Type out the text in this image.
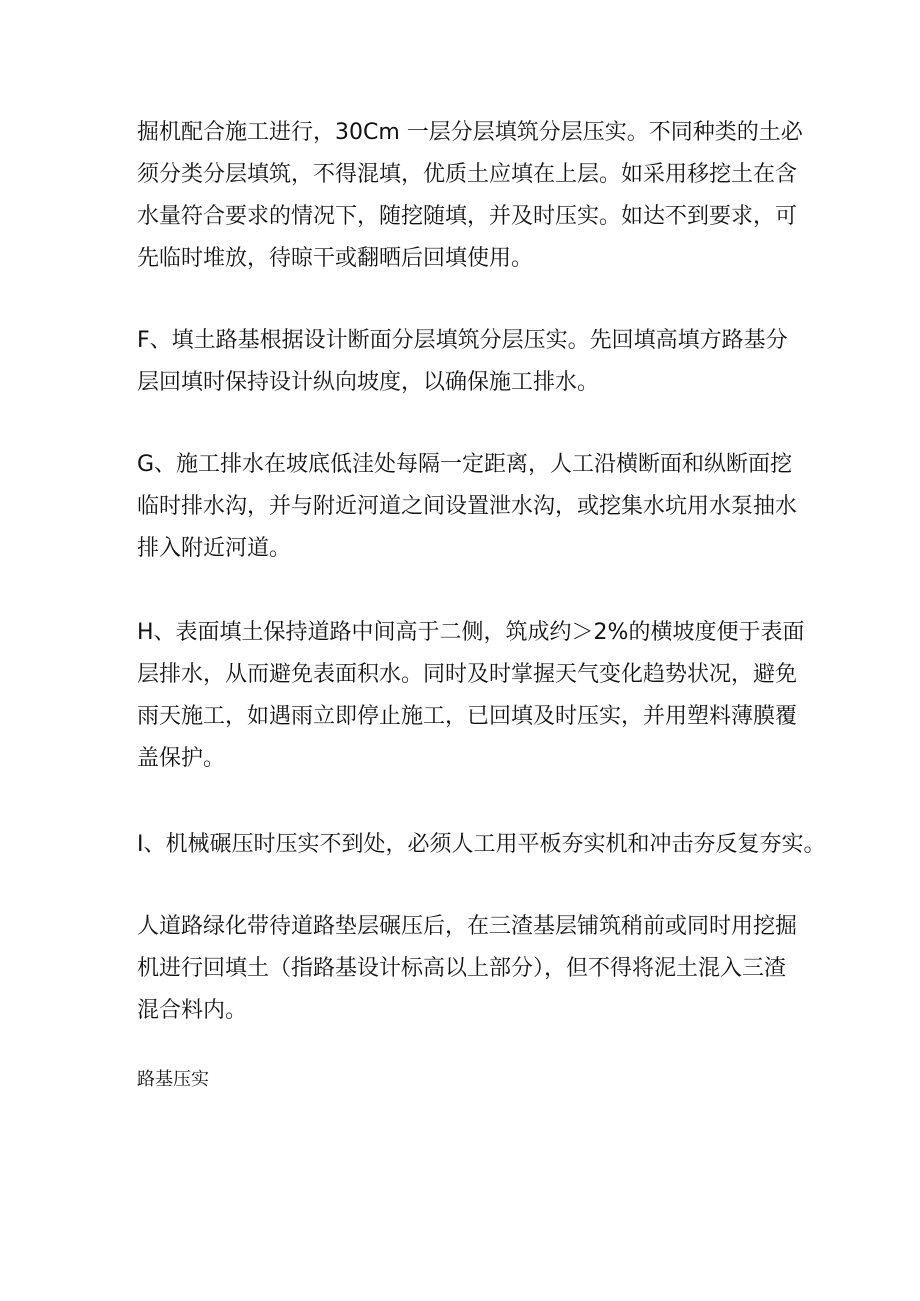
掘机配合施工进行，30Cm 一层分层填筑分层压实。不同种类的土必
须分类分层填筑，不得混填，优质土应填在上层。如采用移挖土在含
水量符合要求的情况下，随挖随填，并及时压实。如达不到要求，可
先临时堆放，待晾干或翻晒后回填使用。
F、填土路基根据设计断面分层填筑分层压实。先回填高填方路基分
层回填时保持设计纵向坡度，以确保施工排水。
G、施工排水在坡底低洼处每隔一定距离，人工沿横断面和纵断面挖
临时排水沟，并与附近河道之间设置泄水沟，或挖集水坑用水泵抽水
排入附近河道。
H、表面填土保持道路中间高于二侧，筑成约＞2%的横坡度便于表面
层排水，从而避免表面积水。同时及时掌握天气变化趋势状况，避免
雨天施工，如遇雨立即停止施工，已回填及时压实，并用塑料薄膜覆
盖保护。
I、机械碾压时压实不到处，必须人工用平板夯实机和冲击夯反复夯实。
人道路绿化带待道路垫层碾压后，在三渣基层铺筑稍前或同时用挖掘
机进行回填土（指路基设计标高以上部分），但不得将泥土混入三渣
混合料内。
路基压实
